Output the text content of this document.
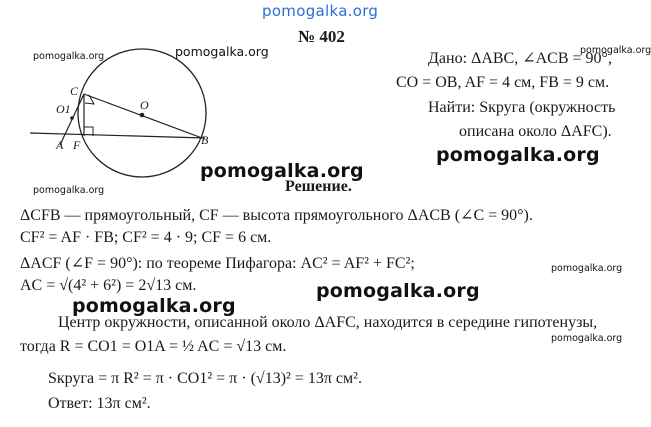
pomogalka.org
pomogalka.org	pomogalka.org	pomogalka.org
pomogalka.org
pomogalka.org
pomogalka.org
pomogalka.org
pomogalka.org
pomogalka.org
pomogalka.org
C
O1	O
A F	B
№ 402
Дано: ΔABC, ∠ACB = 90°,
CO = OB, AF = 4 см, FB = 9 см.
Найти: Sкруга (окружность
описана около ΔAFC).
Решение.
ΔCFB — прямоугольный, CF — высота прямоугольного ΔACB (∠C = 90°).
CF² = AF · FB; CF² = 4 · 9; CF = 6 см.
ΔACF (∠F = 90°): по теореме Пифагора: AC² = AF² + FC²;
AC = √(4² + 6²) = 2√13 см.
Центр окружности, описанной около ΔAFC, находится в середине гипотенузы,
тогда R = CO1 = O1A = ½ AC = √13 см.
Sкруга = π R² = π · CO1² = π · (√13)² = 13π см².
Ответ: 13π см².
